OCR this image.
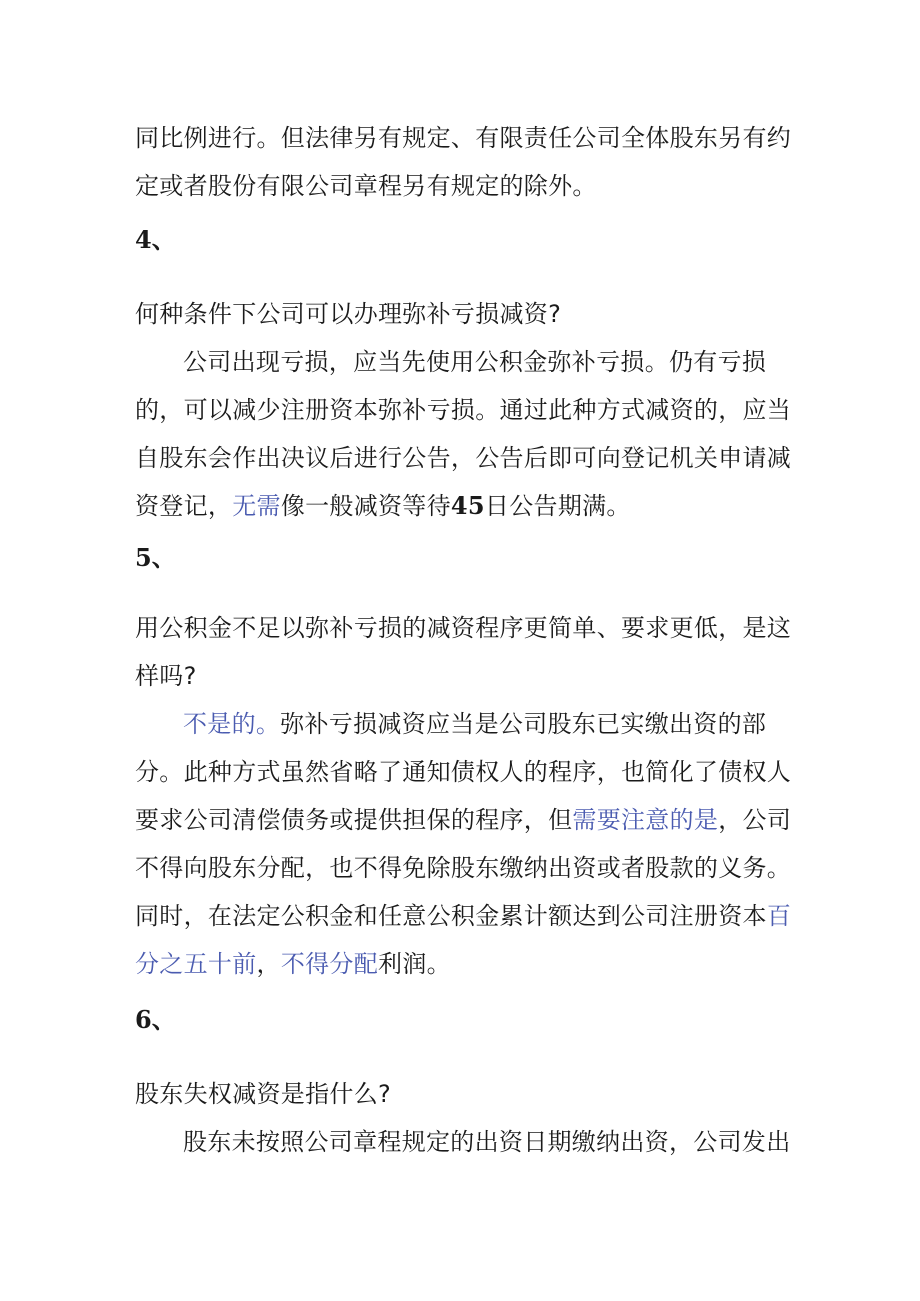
同比例进行。但法律另有规定、有限责任公司全体股东另有约定或者股份有限公司章程另有规定的除外。

4、

何种条件下公司可以办理弥补亏损减资?

公司出现亏损，应当先使用公积金弥补亏损。仍有亏损的，可以减少注册资本弥补亏损。通过此种方式减资的，应当自股东会作出决议后进行公告，公告后即可向登记机关申请减资登记，无需像一般减资等待45日公告期满。

5、

用公积金不足以弥补亏损的减资程序更简单、要求更低，是这样吗?

不是的。弥补亏损减资应当是公司股东已实缴出资的部分。此种方式虽然省略了通知债权人的程序，也简化了债权人要求公司清偿债务或提供担保的程序，但需要注意的是，公司不得向股东分配，也不得免除股东缴纳出资或者股款的义务。同时，在法定公积金和任意公积金累计额达到公司注册资本百分之五十前，不得分配利润。

6、

股东失权减资是指什么?

股东未按照公司章程规定的出资日期缴纳出资，公司发出
